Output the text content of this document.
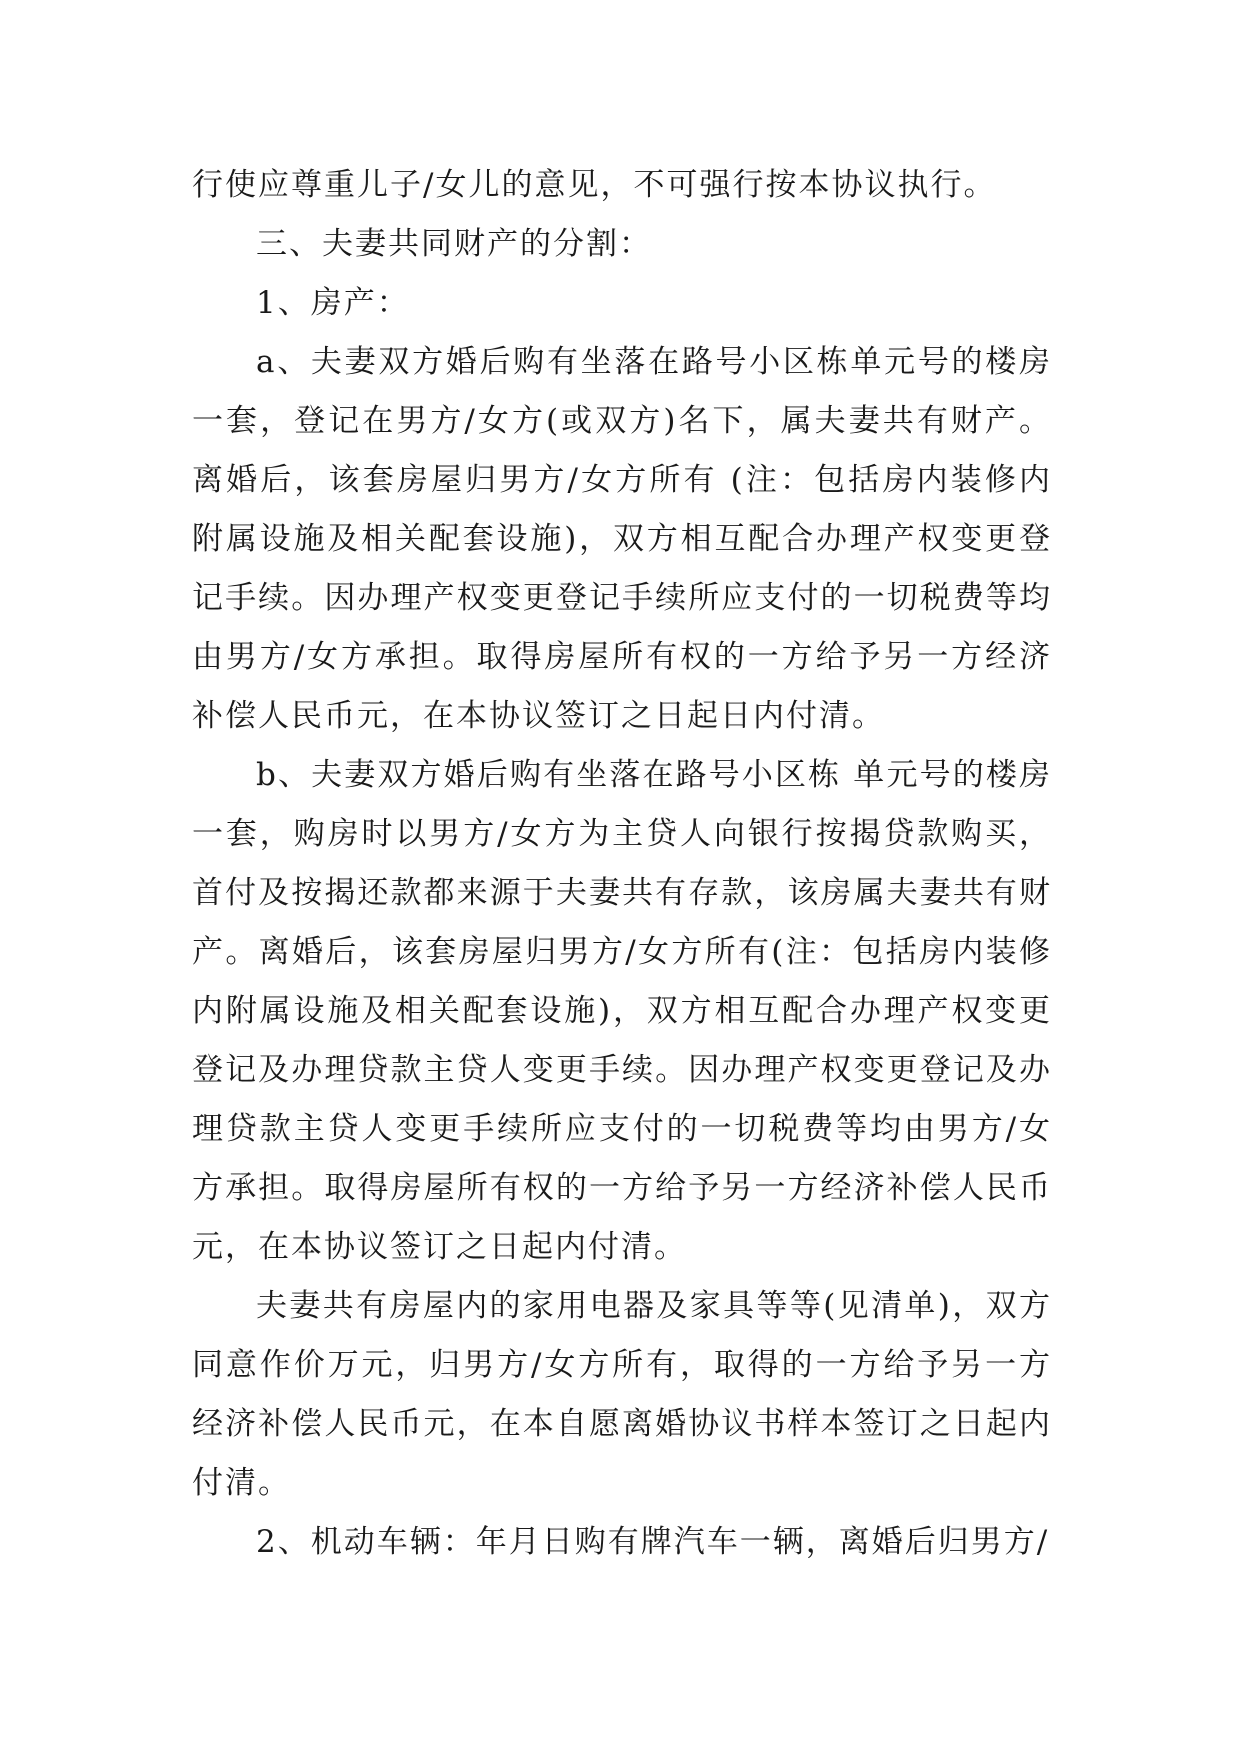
行使应尊重儿子/女儿的意见，不可强行按本协议执行。

三、夫妻共同财产的分割：

1、房产：

a、夫妻双方婚后购有坐落在路号小区栋单元号的楼房一套，登记在男方/女方(或双方)名下，属夫妻共有财产。离婚后，该套房屋归男方/女方所有 (注：包括房内装修内附属设施及相关配套设施)，双方相互配合办理产权变更登记手续。因办理产权变更登记手续所应支付的一切税费等均由男方/女方承担。取得房屋所有权的一方给予另一方经济补偿人民币元，在本协议签订之日起日内付清。

b、夫妻双方婚后购有坐落在路号小区栋 单元号的楼房一套，购房时以男方/女方为主贷人向银行按揭贷款购买，首付及按揭还款都来源于夫妻共有存款，该房属夫妻共有财产。离婚后，该套房屋归男方/女方所有(注：包括房内装修内附属设施及相关配套设施)，双方相互配合办理产权变更登记及办理贷款主贷人变更手续。因办理产权变更登记及办理贷款主贷人变更手续所应支付的一切税费等均由男方/女方承担。取得房屋所有权的一方给予另一方经济补偿人民币元，在本协议签订之日起内付清。

夫妻共有房屋内的家用电器及家具等等(见清单)，双方同意作价万元，归男方/女方所有，取得的一方给予另一方经济补偿人民币元，在本自愿离婚协议书样本签订之日起内付清。

2、机动车辆：年月日购有牌汽车一辆，离婚后归男方/
